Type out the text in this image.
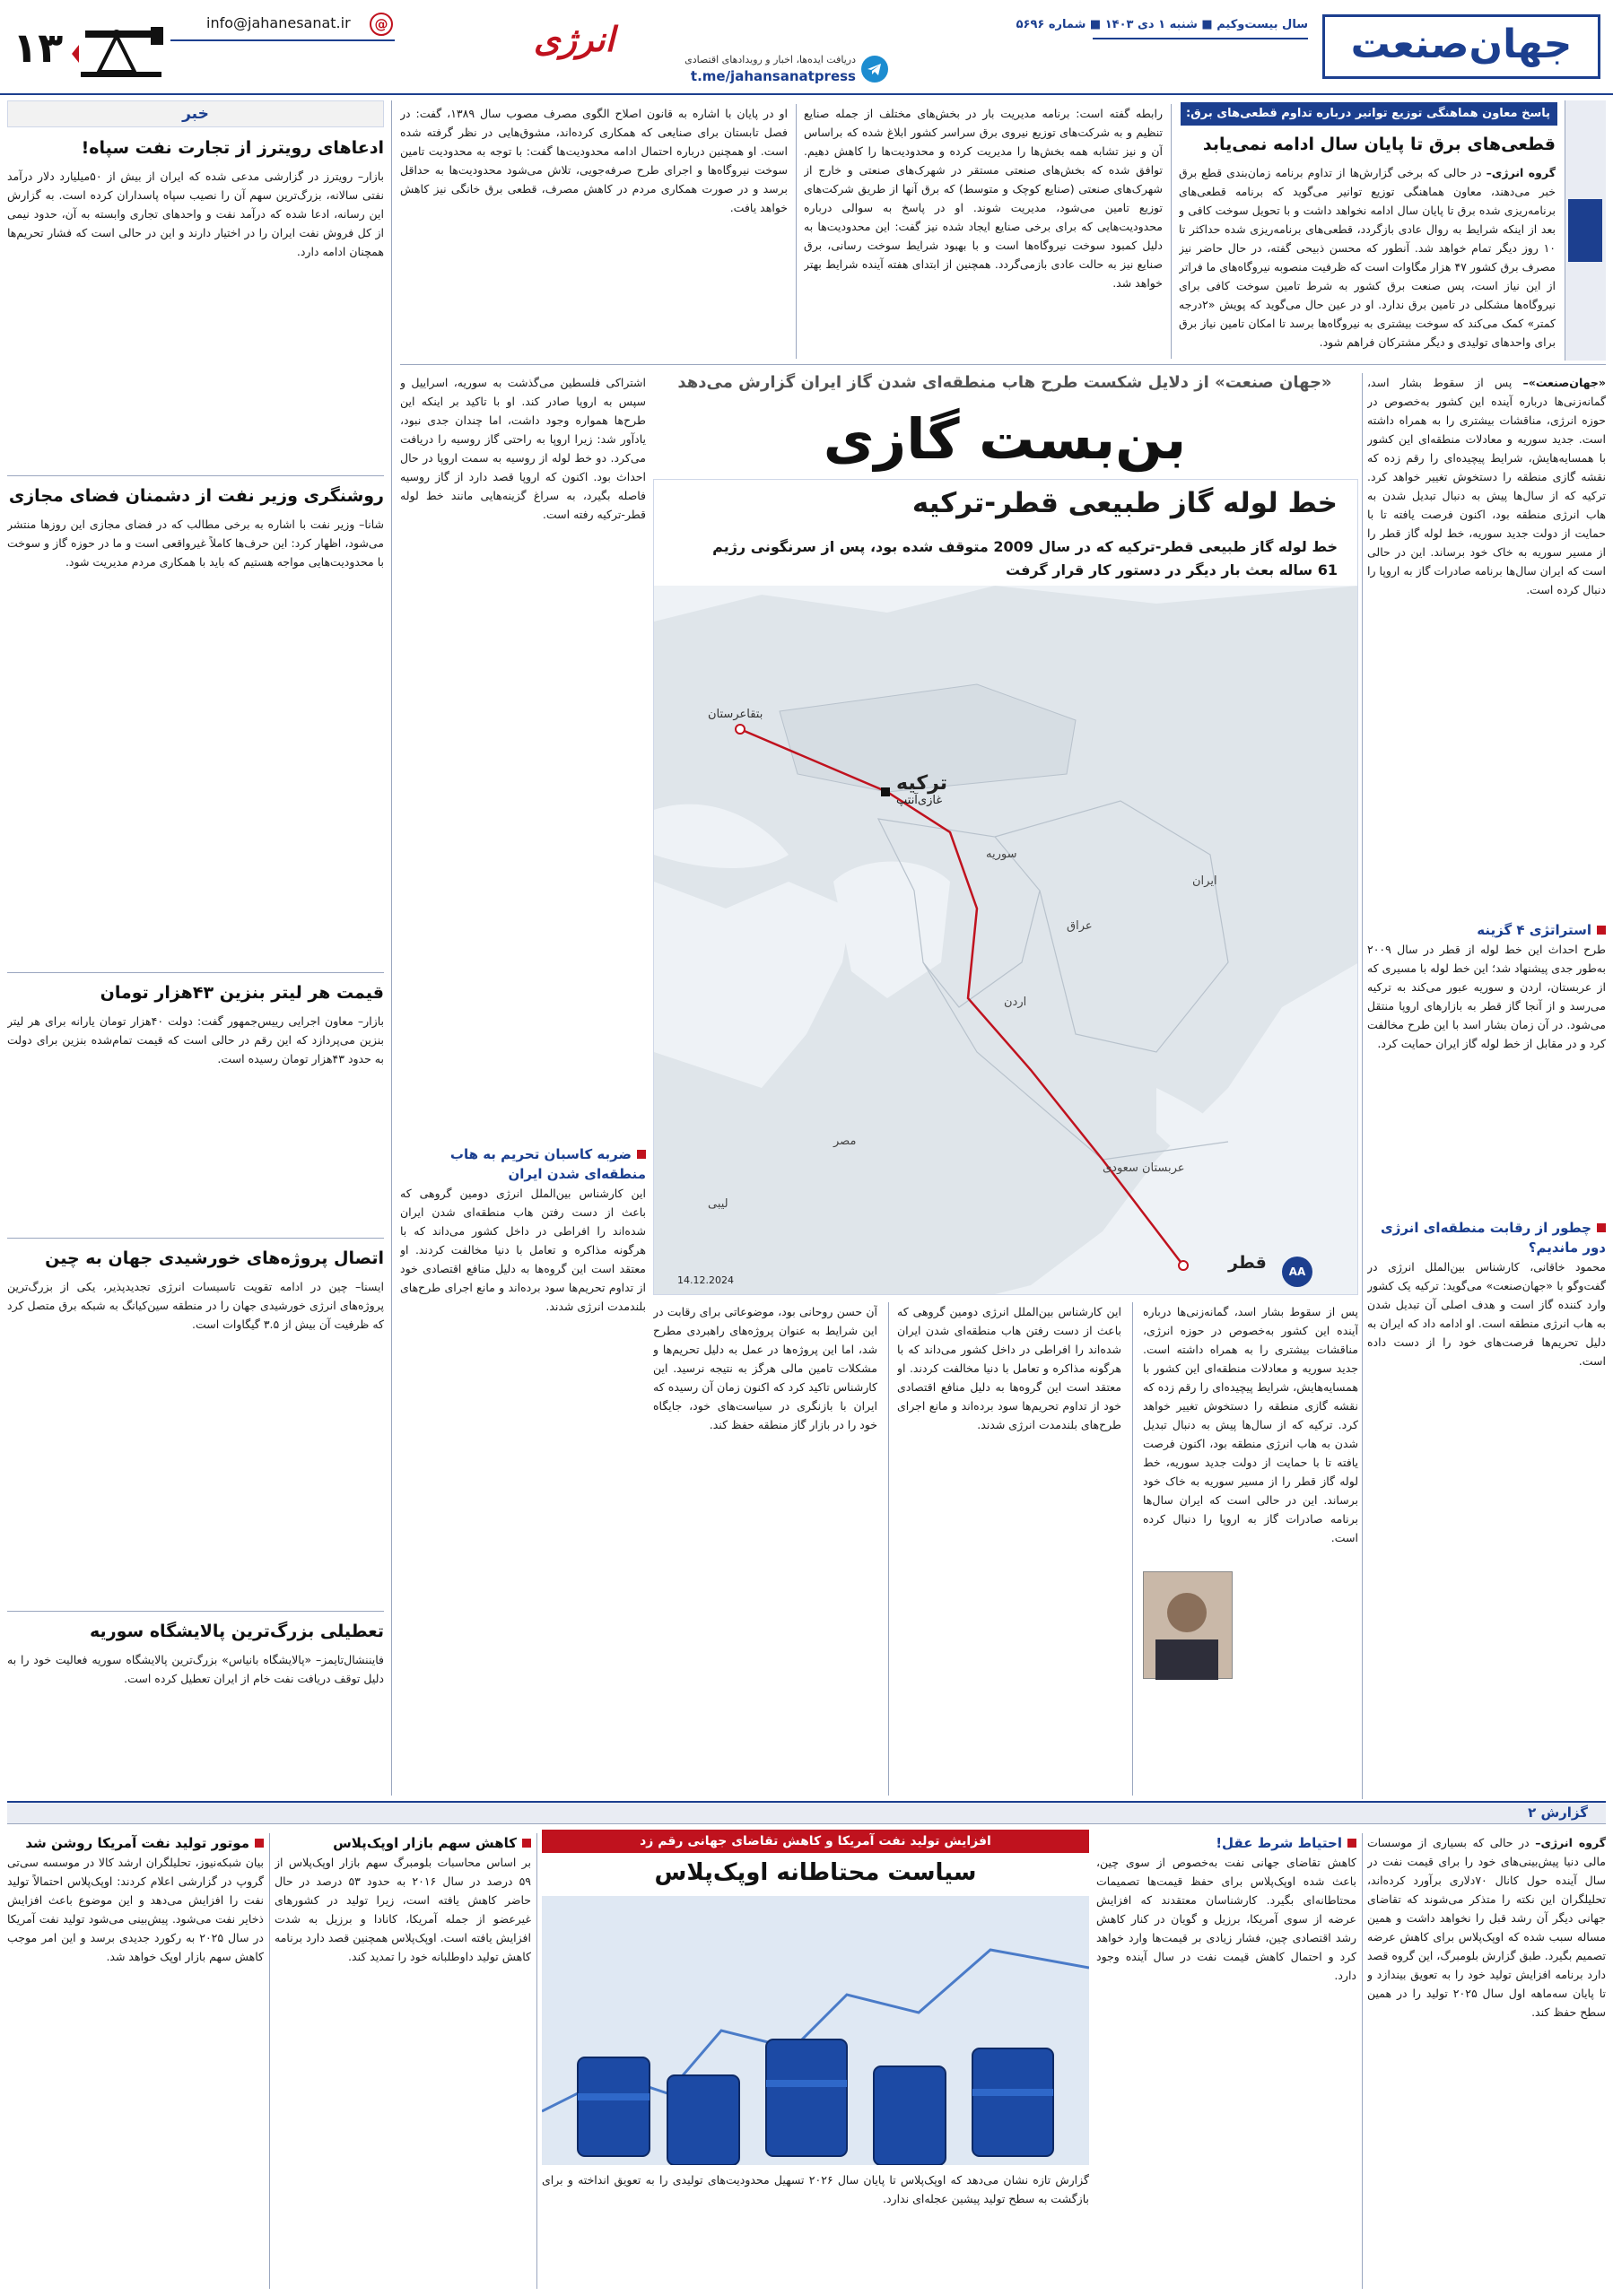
جهان‌صنعت
سال بیست‌وکیم ■ شنبه ۱ دی ۱۴۰۳ ■ شماره ۵۶۹۶
دریافت ایده‌ها، اخبار و رویدادهای اقتصادی
t.me/jahansanatpress
انرژی
@
info@jahanesanat.ir
۱۳
خبر
ادعاهای رویترز از تجارت نفت سپاه!
بازار– رویترز در گزارشی مدعی شده که ایران از بیش از ۵۰میلیارد دلار درآمد نفتی سالانه، بزرگ‌ترین سهم آن را نصیب سپاه پاسداران کرده است. به گزارش این رسانه، ادعا شده که درآمد نفت و واحدهای تجاری وابسته به آن، حدود نیمی از کل فروش نفت ایران را در اختیار دارند و این در حالی است که فشار تحریم‌ها همچنان ادامه دارد.
روشنگری وزیر نفت از دشمنان فضای مجازی
شانا– وزیر نفت با اشاره به برخی مطالب که در فضای مجازی این روزها منتشر می‌شود، اظهار کرد: این حرف‌ها کاملاً غیرواقعی است و ما در حوزه گاز و سوخت با محدودیت‌هایی مواجه هستیم که باید با همکاری مردم مدیریت شود.
قیمت هر لیتر بنزین ۴۳هزار تومان
بازار– معاون اجرایی رییس‌جمهور گفت: دولت ۴۰هزار تومان یارانه برای هر لیتر بنزین می‌پردازد که این رقم در حالی است که قیمت تمام‌شده بنزین برای دولت به حدود ۴۳هزار تومان رسیده است.
اتصال پروژه‌های خورشیدی جهان به چین
ایسنا– چین در ادامه تقویت تاسیسات انرژی تجدیدپذیر، یکی از بزرگ‌ترین پروژه‌های انرژی خورشیدی جهان را در منطقه سین‌کیانگ به شبکه برق متصل کرد که ظرفیت آن بیش از ۳.۵ گیگاوات است.
تعطیلی بزرگ‌ترین پالایشگاه سوریه
فایننشال‌تایمز– «پالایشگاه بانیاس» بزرگ‌ترین پالایشگاه سوریه فعالیت خود را به دلیل توقف دریافت نفت خام از ایران تعطیل کرده است.
پاسخ معاون هماهنگی توزیع توانیر درباره تداوم قطعی‌های برق:
قطعی‌های برق تا پایان سال ادامه نمی‌یابد
گروه انرژی– در حالی که برخی گزارش‌ها از تداوم برنامه زمان‌بندی قطع برق خبر می‌دهند، معاون هماهنگی توزیع توانیر می‌گوید که برنامه قطعی‌های برنامه‌ریزی شده برق تا پایان سال ادامه نخواهد داشت و با تحویل سوخت کافی و بعد از اینکه شرایط به روال عادی بازگردد، قطعی‌های برنامه‌ریزی شده حداکثر تا ۱۰ روز دیگر تمام خواهد شد. آنطور که محسن ذبیحی گفته، در حال حاضر نیز مصرف برق کشور ۴۷ هزار مگاوات است که ظرفیت منصوبه نیروگاه‌های ما فراتر از این نیاز است، پس صنعت برق کشور به شرط تامین سوخت کافی برای نیروگاه‌ها مشکلی در تامین برق ندارد. او در عین حال می‌گوید که پویش «۲درجه کمتر» کمک می‌کند که سوخت بیشتری به نیروگاه‌ها برسد تا امکان تامین نیاز برق برای واحدهای تولیدی و دیگر مشترکان فراهم شود.
رابطه گفته است: برنامه مدیریت بار در بخش‌های مختلف از جمله صنایع تنظیم و به شرکت‌های توزیع نیروی برق سراسر کشور ابلاغ شده که براساس آن و نیز تشابه همه بخش‌ها را مدیریت کرده و محدودیت‌ها را کاهش دهیم. توافق شده که بخش‌های صنعتی مستقر در شهرک‌های صنعتی و خارج از شهرک‌های صنعتی (صنایع کوچک و متوسط) که برق آنها از طریق شرکت‌های توزیع تامین می‌شود، مدیریت شوند. او در پاسخ به سوالی درباره محدودیت‌هایی که برای برخی صنایع ایجاد شده نیز گفت: این محدودیت‌ها به دلیل کمبود سوخت نیروگاه‌ها است و با بهبود شرایط سوخت رسانی، برق صنایع نیز به حالت عادی بازمی‌گردد. همچنین از ابتدای هفته آینده شرایط بهتر خواهد شد.
او در پایان با اشاره به قانون اصلاح الگوی مصرف مصوب سال ۱۳۸۹، گفت: در فصل تابستان برای صنایعی که همکاری کرده‌اند، مشوق‌هایی در نظر گرفته شده است. او همچنین درباره احتمال ادامه محدودیت‌ها گفت: با توجه به محدودیت تامین سوخت نیروگاه‌ها و اجرای طرح صرفه‌جویی، تلاش می‌شود محدودیت‌ها به حداقل برسد و در صورت همکاری مردم در کاهش مصرف، قطعی برق خانگی نیز کاهش خواهد یافت.
«جهان صنعت» از دلایل شکست طرح هاب منطقه‌ای شدن گاز ایران گزارش می‌دهد
بن‌بست گازی
خط لوله گاز طبیعی قطر-ترکیه
خط لوله گاز طبیعی قطر-ترکیه که در سال 2009 متوقف شده بود، پس از سرنگونی رژیم 61 ساله بعث بار دیگر در دستور کار قرار گرفت
بتقاعرستان
ترکیه
غازی‌آنتپ
سوریه
عراق
ایران
اردن
عربستان سعودی
مصر
لیبی
قطر
14.12.2024
AA
«جهان‌صنعت»– پس از سقوط بشار اسد، گمانه‌زنی‌ها درباره آینده این کشور به‌خصوص در حوزه انرژی، مناقشات بیشتری را به همراه داشته است. جدید سوریه و معادلات منطقه‌ای این کشور با همسایه‌هایش، شرایط پیچیده‌ای را رقم زده که نقشه گازی منطقه را دستخوش تغییر خواهد کرد. ترکیه که از سال‌ها پیش به دنبال تبدیل شدن به هاب انرژی منطقه بود، اکنون فرصت یافته تا با حمایت از دولت جدید سوریه، خط لوله گاز قطر را از مسیر سوریه به خاک خود برساند. این در حالی است که ایران سال‌ها برنامه صادرات گاز به اروپا را دنبال کرده است.
استراتژی ۴ گزینه
طرح احداث این خط لوله از قطر در سال ۲۰۰۹ به‌طور جدی پیشنهاد شد؛ این خط لوله با مسیری که از عربستان، اردن و سوریه عبور می‌کند به ترکیه می‌رسد و از آنجا گاز قطر به بازارهای اروپا منتقل می‌شود. در آن زمان بشار اسد با این طرح مخالفت کرد و در مقابل از خط لوله گاز ایران حمایت کرد.
چطور از رقابت منطقه‌ای انرژی دور ماندیم؟
محمود خاقانی، کارشناس بین‌الملل انرژی در گفت‌وگو با «جهان‌صنعت» می‌گوید: ترکیه یک کشور وارد کننده گاز است و هدف اصلی آن تبدیل شدن به هاب انرژی منطقه است. او ادامه داد که ایران به دلیل تحریم‌ها فرصت‌های خود را از دست داده است.
اشتراکی فلسطین می‌گذشت به سوریه، اسراییل و سپس به اروپا صادر کند. او با تاکید بر اینکه این طرح‌ها همواره وجود داشت، اما چندان جدی نبود، یادآور شد: زیرا اروپا به راحتی گاز روسیه را دریافت می‌کرد. دو خط لوله از روسیه به سمت اروپا در حال احداث بود. اکنون که اروپا قصد دارد از گاز روسیه فاصله بگیرد، به سراغ گزینه‌هایی مانند خط لوله قطر-ترکیه رفته است.
ضربه کاسبان تحریم به هاب منطقه‌ای شدن ایران
این کارشناس بین‌الملل انرژی دومین گروهی که باعث از دست رفتن هاب منطقه‌ای شدن ایران شده‌اند را افراطی در داخل کشور می‌داند که با هرگونه مذاکره و تعامل با دنیا مخالفت کردند. او معتقد است این گروه‌ها به دلیل منافع اقتصادی خود از تداوم تحریم‌ها سود برده‌اند و مانع اجرای طرح‌های بلندمدت انرژی شدند. آن حسن روحانی بود، موضوعاتی برای رقابت در این شرایط به عنوان پروژه‌های راهبردی مطرح شد، اما این پروژه‌ها در عمل به دلیل تحریم‌ها و مشکلات تامین مالی هرگز به نتیجه نرسید. این کارشناس تاکید کرد که اکنون زمان آن رسیده که ایران با بازنگری در سیاست‌های خود، جایگاه خود را در بازار گاز منطقه حفظ کند.
این کارشناس بین‌الملل انرژی دومین گروهی که باعث از دست رفتن هاب منطقه‌ای شدن ایران شده‌اند را افراطی در داخل کشور می‌داند که با هرگونه مذاکره و تعامل با دنیا مخالفت کردند. او معتقد است این گروه‌ها به دلیل منافع اقتصادی خود از تداوم تحریم‌ها سود برده‌اند و مانع اجرای طرح‌های بلندمدت انرژی شدند.
پس از سقوط بشار اسد، گمانه‌زنی‌ها درباره آینده این کشور به‌خصوص در حوزه انرژی، مناقشات بیشتری را به همراه داشته است. جدید سوریه و معادلات منطقه‌ای این کشور با همسایه‌هایش، شرایط پیچیده‌ای را رقم زده که نقشه گازی منطقه را دستخوش تغییر خواهد کرد. ترکیه که از سال‌ها پیش به دنبال تبدیل شدن به هاب انرژی منطقه بود، اکنون فرصت یافته تا با حمایت از دولت جدید سوریه، خط لوله گاز قطر را از مسیر سوریه به خاک خود برساند. این در حالی است که ایران سال‌ها برنامه صادرات گاز به اروپا را دنبال کرده است.
گزارش ۲
گروه انرژی– در حالی که بسیاری از موسسات مالی دنیا پیش‌بینی‌های خود را برای قیمت نفت در سال آینده حول کانال ۷۰دلاری برآورد کرده‌اند، تحلیلگران این نکته را متذکر می‌شوند که تقاضای جهانی دیگر آن رشد قبل را نخواهد داشت و همین مساله سبب شده که اوپک‌پلاس برای کاهش عرضه تصمیم بگیرد. طبق گزارش بلومبرگ، این گروه قصد دارد برنامه افزایش تولید خود را به تعویق بیندازد و تا پایان سه‌ماهه اول سال ۲۰۲۵ تولید را در همین سطح حفظ کند.
احتیاط شرط عقل!
کاهش تقاضای جهانی نفت به‌خصوص از سوی چین، باعث شده اوپک‌پلاس برای حفظ قیمت‌ها تصمیمات محتاطانه‌ای بگیرد. کارشناسان معتقدند که افزایش عرضه از سوی آمریکا، برزیل و گویان در کنار کاهش رشد اقتصادی چین، فشار زیادی بر قیمت‌ها وارد خواهد کرد و احتمال کاهش قیمت نفت در سال آینده وجود دارد.
افزایش تولید نفت آمریکا و کاهش تقاضای جهانی رقم زد
سیاست محتاطانه اوپک‌پلاس
گزارش تازه نشان می‌دهد که اوپک‌پلاس تا پایان سال ۲۰۲۶ تسهیل محدودیت‌های تولیدی را به تعویق انداخته و برای بازگشت به سطح تولید پیشین عجله‌ای ندارد.
کاهش سهم بازار اوپک‌پلاس
بر اساس محاسبات بلومبرگ سهم بازار اوپک‌پلاس از ۵۹ درصد در سال ۲۰۱۶ به حدود ۵۳ درصد در حال حاضر کاهش یافته است، زیرا تولید در کشورهای غیرعضو از جمله آمریکا، کانادا و برزیل به شدت افزایش یافته است. اوپک‌پلاس همچنین قصد دارد برنامه کاهش تولید داوطلبانه خود را تمدید کند.
موتور تولید نفت آمریکا روشن شد
بیان شبکه‌نیوز، تحلیلگران ارشد کالا در موسسه سی‌تی گروپ در گزارشی اعلام کردند: اوپک‌پلاس احتمالاً تولید نفت را افزایش می‌دهد و این موضوع باعث افزایش ذخایر نفت می‌شود. پیش‌بینی می‌شود تولید نفت آمریکا در سال ۲۰۲۵ به رکورد جدیدی برسد و این امر موجب کاهش سهم بازار اوپک خواهد شد.
